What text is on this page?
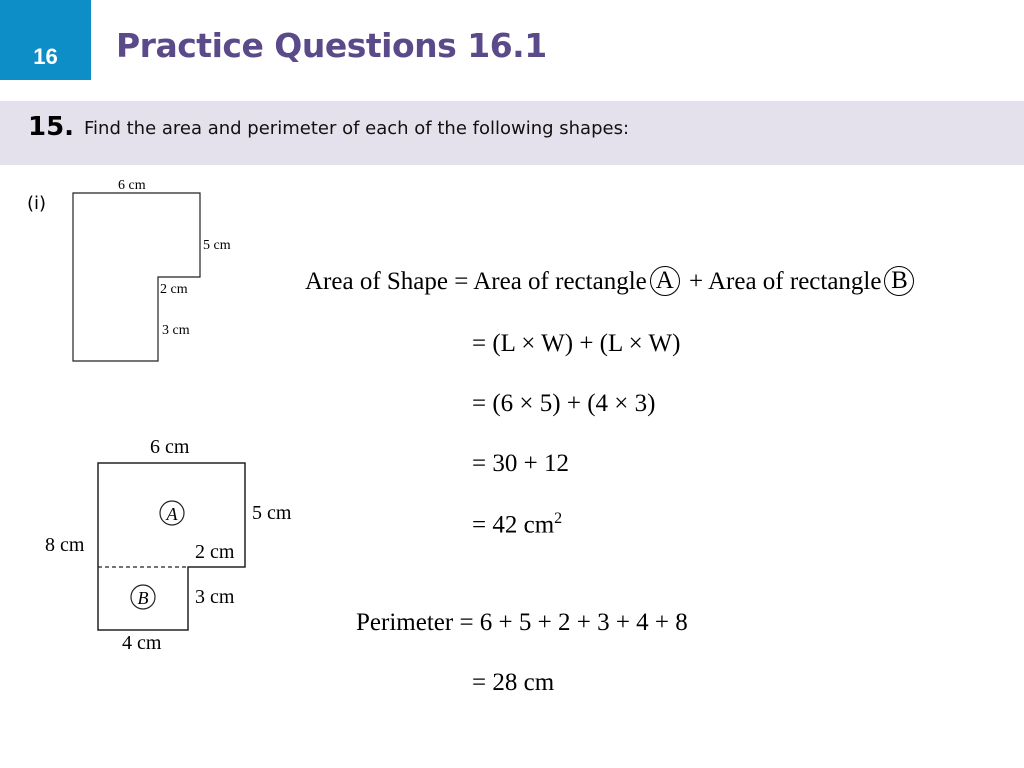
16 Practice Questions 16.1
15. Find the area and perimeter of each of the following shapes:
(i)
6 cm
5 cm
2 cm
3 cm
A
B
6 cm
5 cm
8 cm	2 cm
3 cm
4 cm
Area of Shape = Area of rectangle A + Area of rectangle B
= (L × W) + (L × W)
= (6 × 5) + (4 × 3)
= 30 + 12
= 42 $cm^2$
Perimeter = 6 + 5 + 2 + 3 + 4 + 8
= 28 cm
